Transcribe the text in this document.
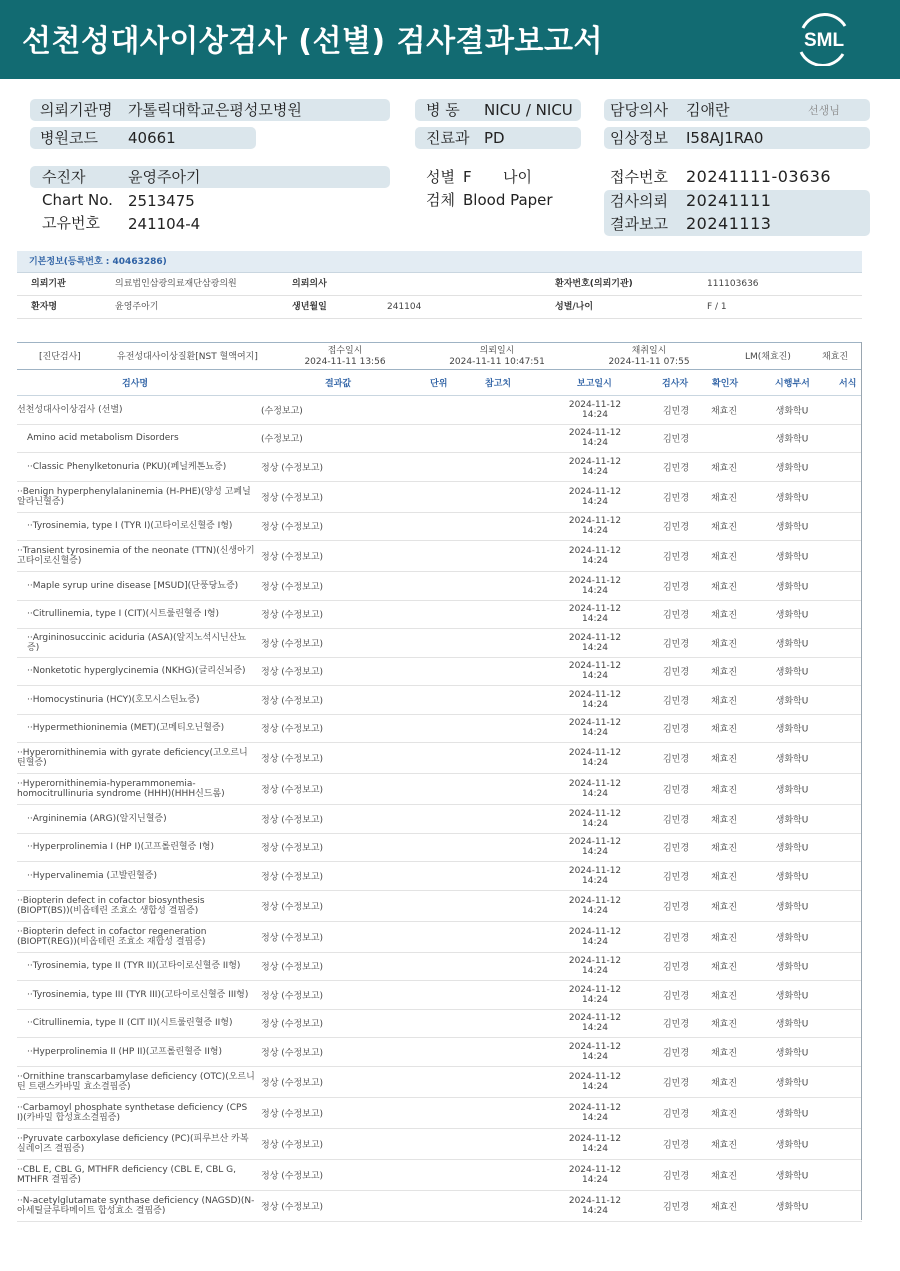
선천성대사이상검사 (선별) 검사결과보고서	SML
의뢰기관명 가톨릭대학교은평성모병원
병원코드 40661
병 동 NICU / NICU
진료과 PD
담당의사 김애란	선생님
임상정보 I58AJ1RA0
수진자	윤영주아기
Chart No. 2513475
고유번호 241104-4
성별 F 나이
검체 Blood Paper
접수번호 20241111-03636
검사의뢰 20241111
결과보고 20241113
기본정보(등록번호 : 40463286)
의뢰기관	의료법인삼광의료재단삼광의원	의뢰의사	환자번호(의뢰기관)	111103636
환자명	윤영주아기	생년월일	241104	성별/나이	F / 1
[진단검사]	유전성대사이상질환[NST 혈액여지]
접수일시
2024-11-11 13:56
의뢰일시
2024-11-11 10:47:51
채취일시
2024-11-11 07:55	LM(채효진)	채효진
검사명	결과값	단위	참고치	보고일시	검사자	확인자	시행부서	서식
선천성대사이상검사 (선별)	(수정보고)
2024-11-12
14:24	김민경 채효진	생화학U
Amino acid metabolism Disorders	(수정보고)
2024-11-12
14:24	김민경	생화학U
··Classic Phenylketonuria (PKU)(페닐케톤뇨증)	정상 (수정보고)
2024-11-12
14:24	김민경 채효진	생화학U
··Benign hyperphenylalaninemia (H-PHE)(양성 고페닐알라닌혈증)	정상 (수정보고)
2024-11-12
14:24	김민경 채효진	생화학U
··Tyrosinemia, type I (TYR I)(고타이로신혈증 I형)	정상 (수정보고)
2024-11-12
14:24	김민경 채효진	생화학U
··Transient tyrosinemia of the neonate (TTN)(신생아기 고타이로신혈증)	정상 (수정보고)
2024-11-12
14:24	김민경 채효진	생화학U
··Maple syrup urine disease [MSUD](단풍당뇨증)	정상 (수정보고)
2024-11-12
14:24	김민경 채효진	생화학U
··Citrullinemia, type I (CIT)(시트룰린혈증 I형)	정상 (수정보고)
2024-11-12
14:24	김민경 채효진	생화학U
··Argininosuccinic aciduria (ASA)(알지노석시닌산뇨증)	정상 (수정보고)
2024-11-12
14:24	김민경 채효진	생화학U
··Nonketotic hyperglycinemia (NKHG)(글리신뇌증)	정상 (수정보고)
2024-11-12
14:24	김민경 채효진	생화학U
··Homocystinuria (HCY)(호모시스틴뇨증)	정상 (수정보고)
2024-11-12
14:24	김민경 채효진	생화학U
··Hypermethioninemia (MET)(고메티오닌혈증)	정상 (수정보고)
2024-11-12
14:24	김민경 채효진	생화학U
··Hyperornithinemia with gyrate deficiency(고오르니틴혈증)	정상 (수정보고)
2024-11-12
14:24	김민경 채효진	생화학U
··Hyperornithinemia-hyperammonemia-homocitrullinuria syndrome (HHH)(HHH신드롬)	정상 (수정보고)
2024-11-12
14:24	김민경 채효진	생화학U
··Argininemia (ARG)(알지닌혈증)	정상 (수정보고)
2024-11-12
14:24	김민경 채효진	생화학U
··Hyperprolinemia I (HP I)(고프롤린혈증 I형)	정상 (수정보고)
2024-11-12
14:24	김민경 채효진	생화학U
··Hypervalinemia (고발린혈증)	정상 (수정보고)
2024-11-12
14:24	김민경 채효진	생화학U
··Biopterin defect in cofactor biosynthesis (BIOPT(BS))(비옵테린 조효소 생합성 결핍증)	정상 (수정보고)
2024-11-12
14:24	김민경 채효진	생화학U
··Biopterin defect in cofactor regeneration (BIOPT(REG))(비옵테린 조효소 재합성 결핍증)	정상 (수정보고)
2024-11-12
14:24	김민경 채효진	생화학U
··Tyrosinemia, type II (TYR II)(고타이로신혈증 II형)	정상 (수정보고)
2024-11-12
14:24	김민경 채효진	생화학U
··Tyrosinemia, type III (TYR III)(고타이로신혈증 III형)	정상 (수정보고)
2024-11-12
14:24	김민경 채효진	생화학U
··Citrullinemia, type II (CIT II)(시트룰린혈증 II형)	정상 (수정보고)
2024-11-12
14:24	김민경 채효진	생화학U
··Hyperprolinemia II (HP II)(고프롤린혈증 II형)	정상 (수정보고)
2024-11-12
14:24	김민경 채효진	생화학U
··Ornithine transcarbamylase deficiency (OTC)(오르니틴 트랜스카바밀 효소결핍증)	정상 (수정보고)
2024-11-12
14:24	김민경 채효진	생화학U
··Carbamoyl phosphate synthetase deficiency (CPS I)(카바밀 합성효소결핍증)	정상 (수정보고)
2024-11-12
14:24	김민경 채효진	생화학U
··Pyruvate carboxylase deficiency (PC)(피루브산 카복실레이즈 결핍증)	정상 (수정보고)
2024-11-12
14:24	김민경 채효진	생화학U
··CBL E, CBL G, MTHFR deficiency (CBL E, CBL G, MTHFR 결핍증)	정상 (수정보고)
2024-11-12
14:24	김민경 채효진	생화학U
··N-acetylglutamate synthase deficiency (NAGSD)(N-아세틸글루타메이트 합성효소 결핍증)	정상 (수정보고)
2024-11-12
14:24	김민경 채효진	생화학U
